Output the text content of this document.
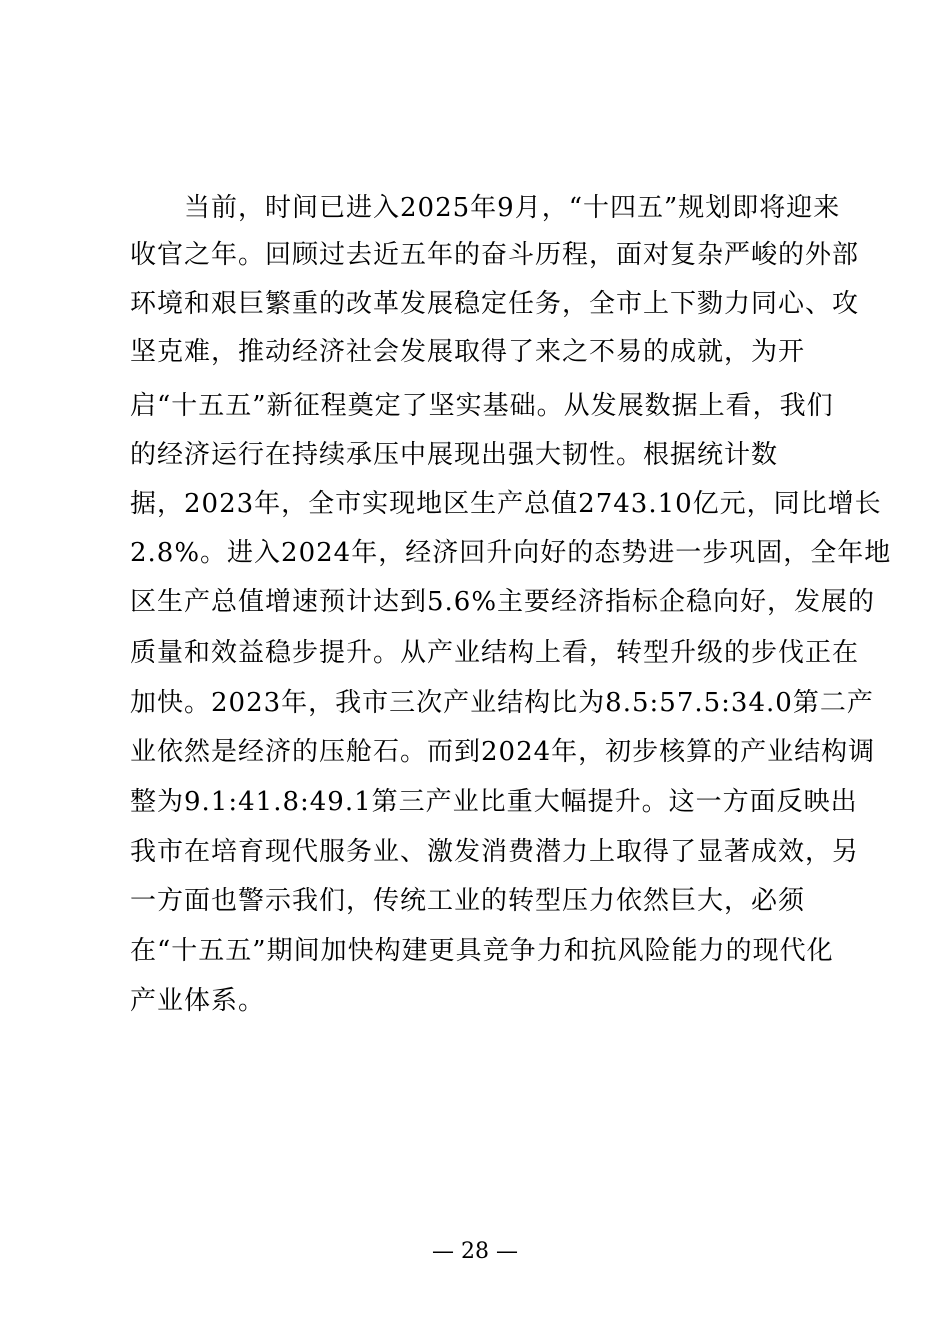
　　当前，时间已进入2025年9月，“十四五”规划即将迎来
收官之年。回顾过去近五年的奋斗历程，面对复杂严峻的外部
环境和艰巨繁重的改革发展稳定任务，全市上下勠力同心、攻
坚克难，推动经济社会发展取得了来之不易的成就，为开
启“十五五”新征程奠定了坚实基础。从发展数据上看，我们
的经济运行在持续承压中展现出强大韧性。根据统计数
据，2023年，全市实现地区生产总值2743.10亿元，同比增长
2.8%。进入2024年，经济回升向好的态势进一步巩固，全年地
区生产总值增速预计达到5.6%主要经济指标企稳向好，发展的
质量和效益稳步提升。从产业结构上看，转型升级的步伐正在
加快。2023年，我市三次产业结构比为8.5:57.5:34.0第二产
业依然是经济的压舱石。而到2024年，初步核算的产业结构调
整为9.1:41.8:49.1第三产业比重大幅提升。这一方面反映出
我市在培育现代服务业、激发消费潜力上取得了显著成效，另
一方面也警示我们，传统工业的转型压力依然巨大，必须
在“十五五”期间加快构建更具竞争力和抗风险能力的现代化
产业体系。
— 28 —
